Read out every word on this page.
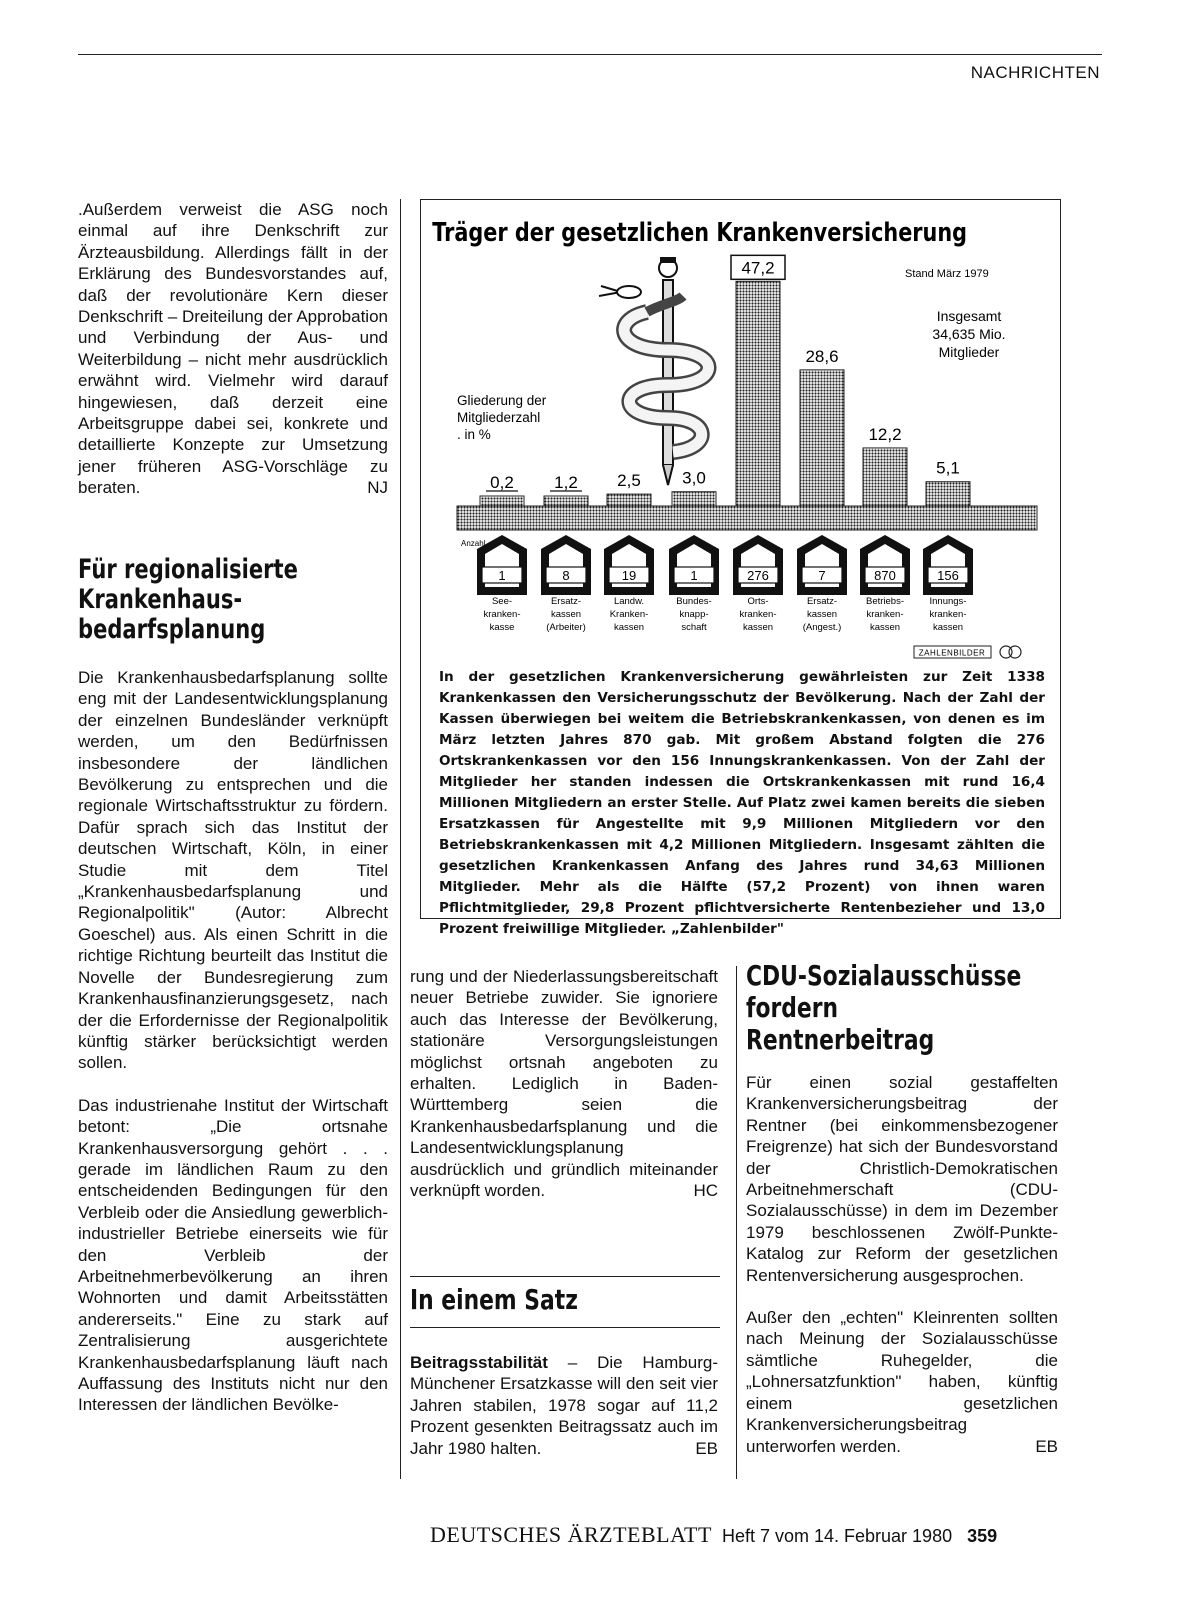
NACHRICHTEN
.Außerdem verweist die ASG noch einmal auf ihre Denkschrift zur Ärzteausbildung. Allerdings fällt in der Erklärung des Bundesvorstandes auf, daß der revolutionäre Kern dieser Denkschrift – Dreiteilung der Approbation und Verbindung der Aus- und Weiterbildung – nicht mehr ausdrücklich erwähnt wird. Vielmehr wird darauf hingewiesen, daß derzeit eine Arbeitsgruppe dabei sei, konkrete und detaillierte Konzepte zur Umsetzung jener früheren ASG-Vorschläge zu beraten.	NJ
Für regionalisierte
Krankenhaus-
bedarfsplanung

Die Krankenhausbedarfsplanung sollte eng mit der Landesentwicklungsplanung der einzelnen Bundesländer verknüpft werden, um den Bedürfnissen insbesondere der ländlichen Bevölkerung zu entsprechen und die regionale Wirtschaftsstruktur zu fördern. Dafür sprach sich das Institut der deutschen Wirtschaft, Köln, in einer Studie mit dem Titel „Krankenhausbedarfsplanung und Regionalpolitik" (Autor: Albrecht Goeschel) aus. Als einen Schritt in die richtige Richtung beurteilt das Institut die Novelle der Bundesregierung zum Krankenhausfinanzierungsgesetz, nach der die Erfordernisse der Regionalpolitik künftig stärker berücksichtigt werden sollen.

Das industrienahe Institut der Wirtschaft betont: „Die ortsnahe Krankenhausversorgung gehört . . . gerade im ländlichen Raum zu den entscheidenden Bedingungen für den Verbleib oder die Ansiedlung gewerblich-industrieller Betriebe einerseits wie für den Verbleib der Arbeitnehmerbevölkerung an ihren Wohnorten und damit Arbeitsstätten andererseits." Eine zu stark auf Zentralisierung ausgerichtete Krankenhausbedarfsplanung läuft nach Auffassung des Instituts nicht nur den Interessen der ländlichen Bevölke-

Träger der gesetzlichen Krankenversicherung
Stand März 1979
Insgesamt
34,635 Mio.
Mitglieder
Gliederung der
Mitgliederzahl
. in %
Anzahl
0,2 1,2 2,5 3,0
47,2
28,6
12,2
5,1
1	8	19	1	276	7	870	156
See-
kranken-
kasse
Ersatz-
kassen
(Arbeiter)
Landw.
Kranken-
kassen
Bundes-
knapp-
schaft
Orts-
kranken-
kassen
Ersatz-
kassen
(Angest.)
Betriebs-
kranken-
kassen
Innungs-
kranken-
kassen
ZAHLENBILDER
In der gesetzlichen Krankenversicherung gewährleisten zur Zeit 1338 Krankenkassen den Versicherungsschutz der Bevölkerung. Nach der Zahl der Kassen überwiegen bei weitem die Betriebskrankenkassen, von denen es im März letzten Jahres 870 gab. Mit großem Abstand folgten die 276 Ortskrankenkassen vor den 156 Innungskrankenkassen. Von der Zahl der Mitglieder her standen indessen die Ortskrankenkassen mit rund 16,4 Millionen Mitgliedern an erster Stelle. Auf Platz zwei kamen bereits die sieben Ersatzkassen für Angestellte mit 9,9 Millionen Mitgliedern vor den Betriebskrankenkassen mit 4,2 Millionen Mitgliedern. Insgesamt zählten die gesetzlichen Krankenkassen Anfang des Jahres rund 34,63 Millionen Mitglieder. Mehr als die Hälfte (57,2 Prozent) von ihnen waren Pflichtmitglieder, 29,8 Prozent pflichtversicherte Rentenbezieher und 13,0 Prozent freiwillige Mitglieder. „Zahlenbilder"
rung und der Niederlassungsbereitschaft neuer Betriebe zuwider. Sie ignoriere auch das Interesse der Bevölkerung, stationäre Versorgungsleistungen möglichst ortsnah angeboten zu erhalten. Lediglich in Baden-Württemberg seien die Krankenhausbedarfsplanung und die Landesentwicklungsplanung ausdrücklich und gründlich miteinander verknüpft worden.	HC
In einem Satz
Beitragsstabilität – Die Hamburg-Münchener Ersatzkasse will den seit vier Jahren stabilen, 1978 sogar auf 11,2 Prozent gesenkten Beitragssatz auch im Jahr 1980 halten.	EB
CDU-Sozialausschüsse
fordern
Rentnerbeitrag

Für einen sozial gestaffelten Krankenversicherungsbeitrag der Rentner (bei einkommensbezogener Freigrenze) hat sich der Bundesvorstand der Christlich-Demokratischen Arbeitnehmerschaft (CDU-Sozialausschüsse) in dem im Dezember 1979 beschlossenen Zwölf-Punkte-Katalog zur Reform der gesetzlichen Rentenversicherung ausgesprochen.

Außer den „echten" Kleinrenten sollten nach Meinung der Sozialausschüsse sämtliche Ruhegelder, die „Lohnersatzfunktion" haben, künftig einem gesetzlichen Krankenversicherungsbeitrag unterworfen werden.	EB

DEUTSCHES ÄRZTEBLATT Heft 7 vom 14. Februar 1980 359
